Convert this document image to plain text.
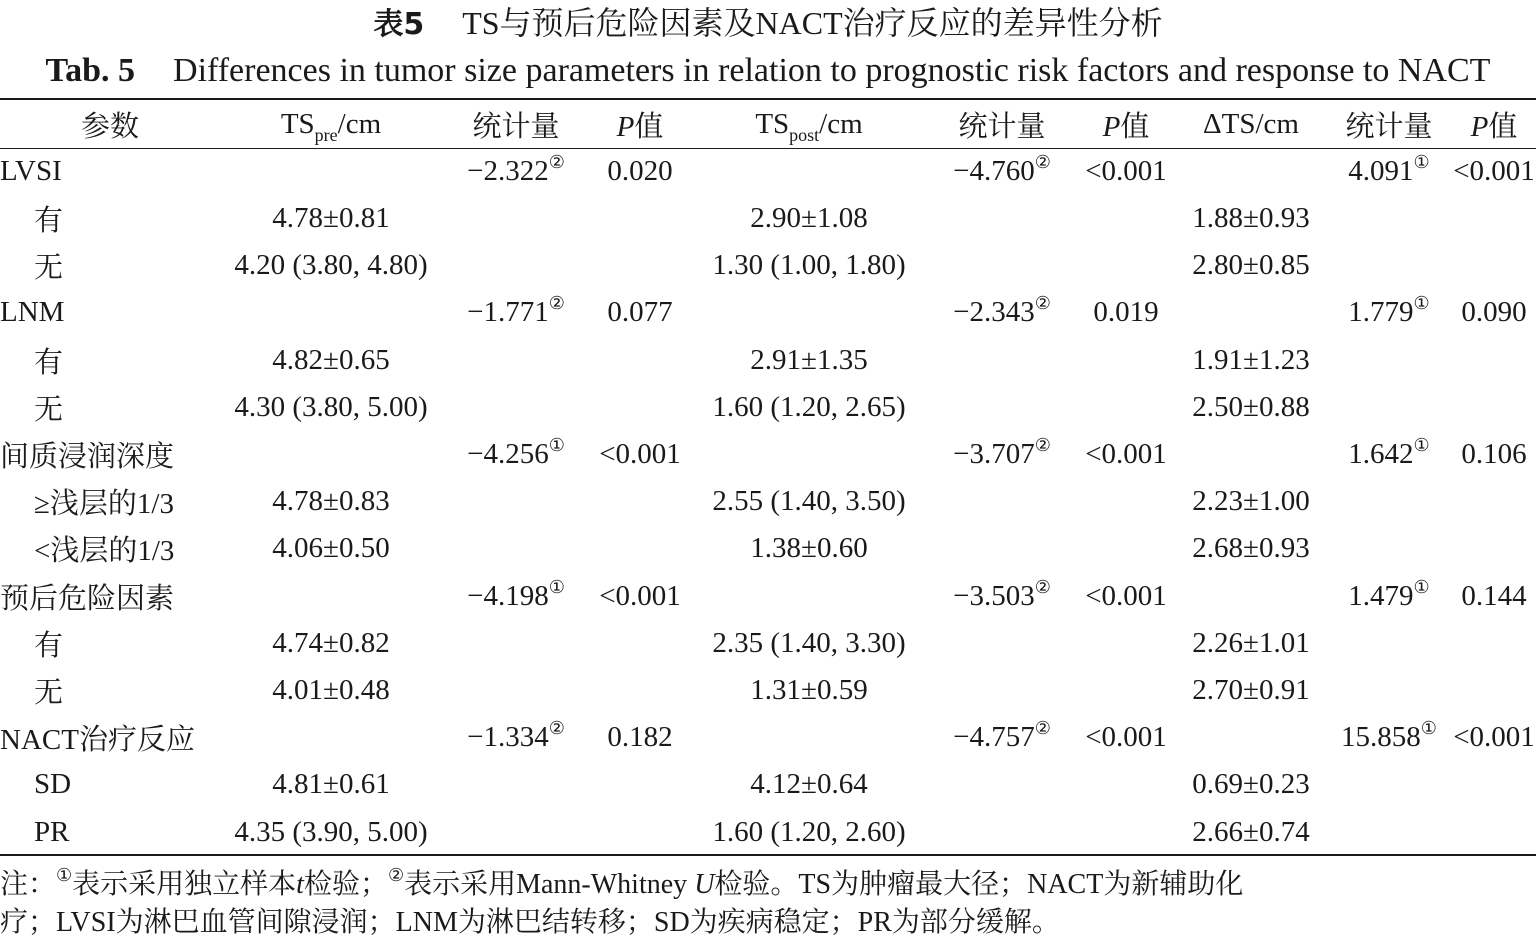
表5 TS与预后危险因素及NACT治疗反应的差异性分析
Tab. 5 Differences in tumor size parameters in relation to prognostic risk factors and response to NACT
参数	$TS_{pre}/cm$	统计量	P值	$TS_{post}/cm$	统计量	P值	ΔTS/cm	统计量	P值
LVSI		−2.322②	0.020		−4.760②	<0.001		4.091①	<0.001
有	4.78±0.81			2.90±1.08			1.88±0.93		
无	4.20 (3.80, 4.80)			1.30 (1.00, 1.80)			2.80±0.85		
LNM		−1.771②	0.077		−2.343②	0.019		1.779①	0.090
有	4.82±0.65			2.91±1.35			1.91±1.23		
无	4.30 (3.80, 5.00)			1.60 (1.20, 2.65)			2.50±0.88		
间质浸润深度		−4.256①	<0.001		−3.707②	<0.001		1.642①	0.106
≥浅层的1/3	4.78±0.83			2.55 (1.40, 3.50)			2.23±1.00		
<浅层的1/3	4.06±0.50			1.38±0.60			2.68±0.93		
预后危险因素		−4.198①	<0.001		−3.503②	<0.001		1.479①	0.144
有	4.74±0.82			2.35 (1.40, 3.30)			2.26±1.01		
无	4.01±0.48			1.31±0.59			2.70±0.91		
NACT治疗反应		−1.334②	0.182		−4.757②	<0.001		15.858①	<0.001
SD	4.81±0.61			4.12±0.64			0.69±0.23		
PR	4.35 (3.90, 5.00)			1.60 (1.20, 2.60)			2.66±0.74		

注：①表示采用独立样本t检验；②表示采用Mann-Whitney U检验。TS为肿瘤最大径；NACT为新辅助化

疗；LVSI为淋巴血管间隙浸润；LNM为淋巴结转移；SD为疾病稳定；PR为部分缓解。
